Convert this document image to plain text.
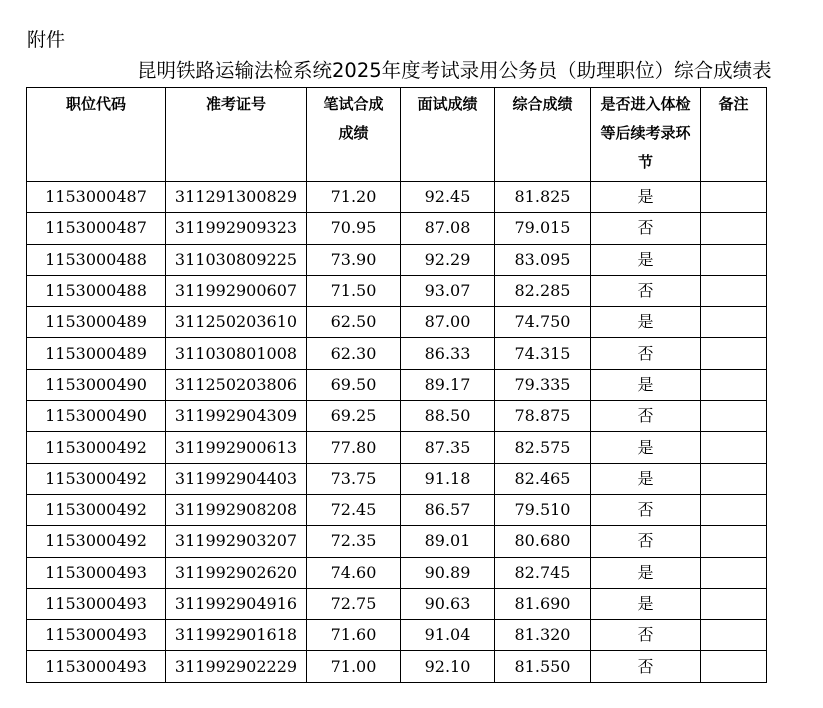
附件
昆明铁路运输法检系统2025年度考试录用公务员（助理职位）综合成绩表
职位代码	准考证号	笔试合成成绩	面试成绩	综合成绩	是否进入体检等后续考录环节	备注

1153000487	311291300829	71.20	92.45	81.825	是	
1153000487	311992909323	70.95	87.08	79.015	否	
1153000488	311030809225	73.90	92.29	83.095	是	
1153000488	311992900607	71.50	93.07	82.285	否	
1153000489	311250203610	62.50	87.00	74.750	是	
1153000489	311030801008	62.30	86.33	74.315	否	
1153000490	311250203806	69.50	89.17	79.335	是	
1153000490	311992904309	69.25	88.50	78.875	否	
1153000492	311992900613	77.80	87.35	82.575	是	
1153000492	311992904403	73.75	91.18	82.465	是	
1153000492	311992908208	72.45	86.57	79.510	否	
1153000492	311992903207	72.35	89.01	80.680	否	
1153000493	311992902620	74.60	90.89	82.745	是	
1153000493	311992904916	72.75	90.63	81.690	是	
1153000493	311992901618	71.60	91.04	81.320	否	
1153000493	311992902229	71.00	92.10	81.550	否	
